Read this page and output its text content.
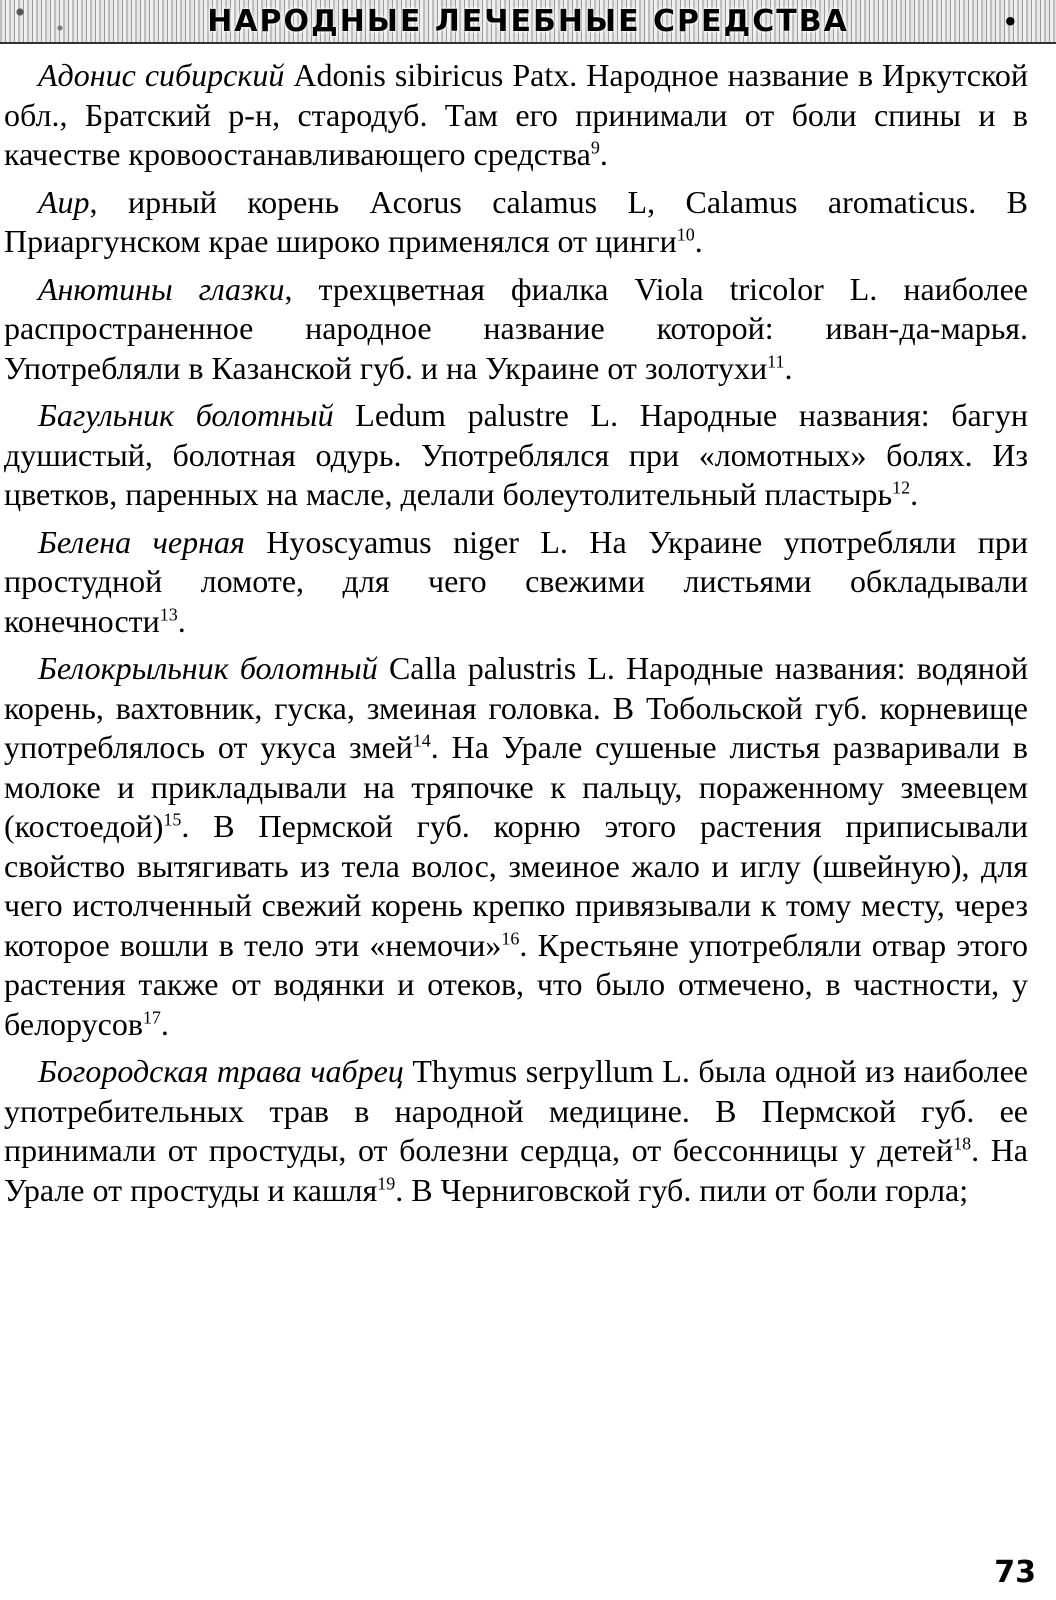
НАРОДНЫЕ ЛЕЧЕБНЫЕ СРЕДСТВА	•

Адонис сибирский Adonis sibiricus Patx. Народное название в Иркутской обл., Братский р-н, стародуб. Там его принимали от боли спины и в качестве кровоостанавливающего средства$^9$.

Аир, ирный корень Acorus calamus L, Calamus aromaticus. В Приаргунском крае широко применялся от цинги$^{10}$.

Анютины глазки, трехцветная фиалка Viola tricolor L. наиболее распространенное народное название которой: иван-да-марья. Употребляли в Казанской губ. и на Украине от золотухи$^{11}$.

Багульник болотный Ledum palustre L. Народные названия: багун душистый, болотная одурь. Употреблялся при «ломотных» болях. Из цветков, паренных на масле, делали болеутолительный пластырь$^{12}$.

Белена черная Hyoscyamus niger L. На Украине употребляли при простудной ломоте, для чего свежими листьями обкладывали конечности$^{13}$.

Белокрыльник болотный Calla palustris L. Народные названия: водяной корень, вахтовник, гуска, змеиная головка. В Тобольской губ. корневище употреблялось от укуса змей$^{14}$. На Урале сушеные листья разваривали в молоке и прикладывали на тряпочке к пальцу, пораженному змеевцем (костоедой)$^{15}$. В Пермской губ. корню этого растения приписывали свойство вытягивать из тела волос, змеиное жало и иглу (швейную), для чего истолченный свежий корень крепко привязывали к тому месту, через которое вошли в тело эти «немочи»$^{16}$. Крестьяне употребляли отвар этого растения также от водянки и отеков, что было отмечено, в частности, у белорусов$^{17}$.

Богородская трава чабрец Thymus serpyllum L. была одной из наиболее употребительных трав в народной медицине. В Пермской губ. ее принимали от простуды, от болезни сердца, от бессонницы у детей$^{18}$. На Урале от простуды и кашля$^{19}$. В Черниговской губ. пили от боли горла;

73
